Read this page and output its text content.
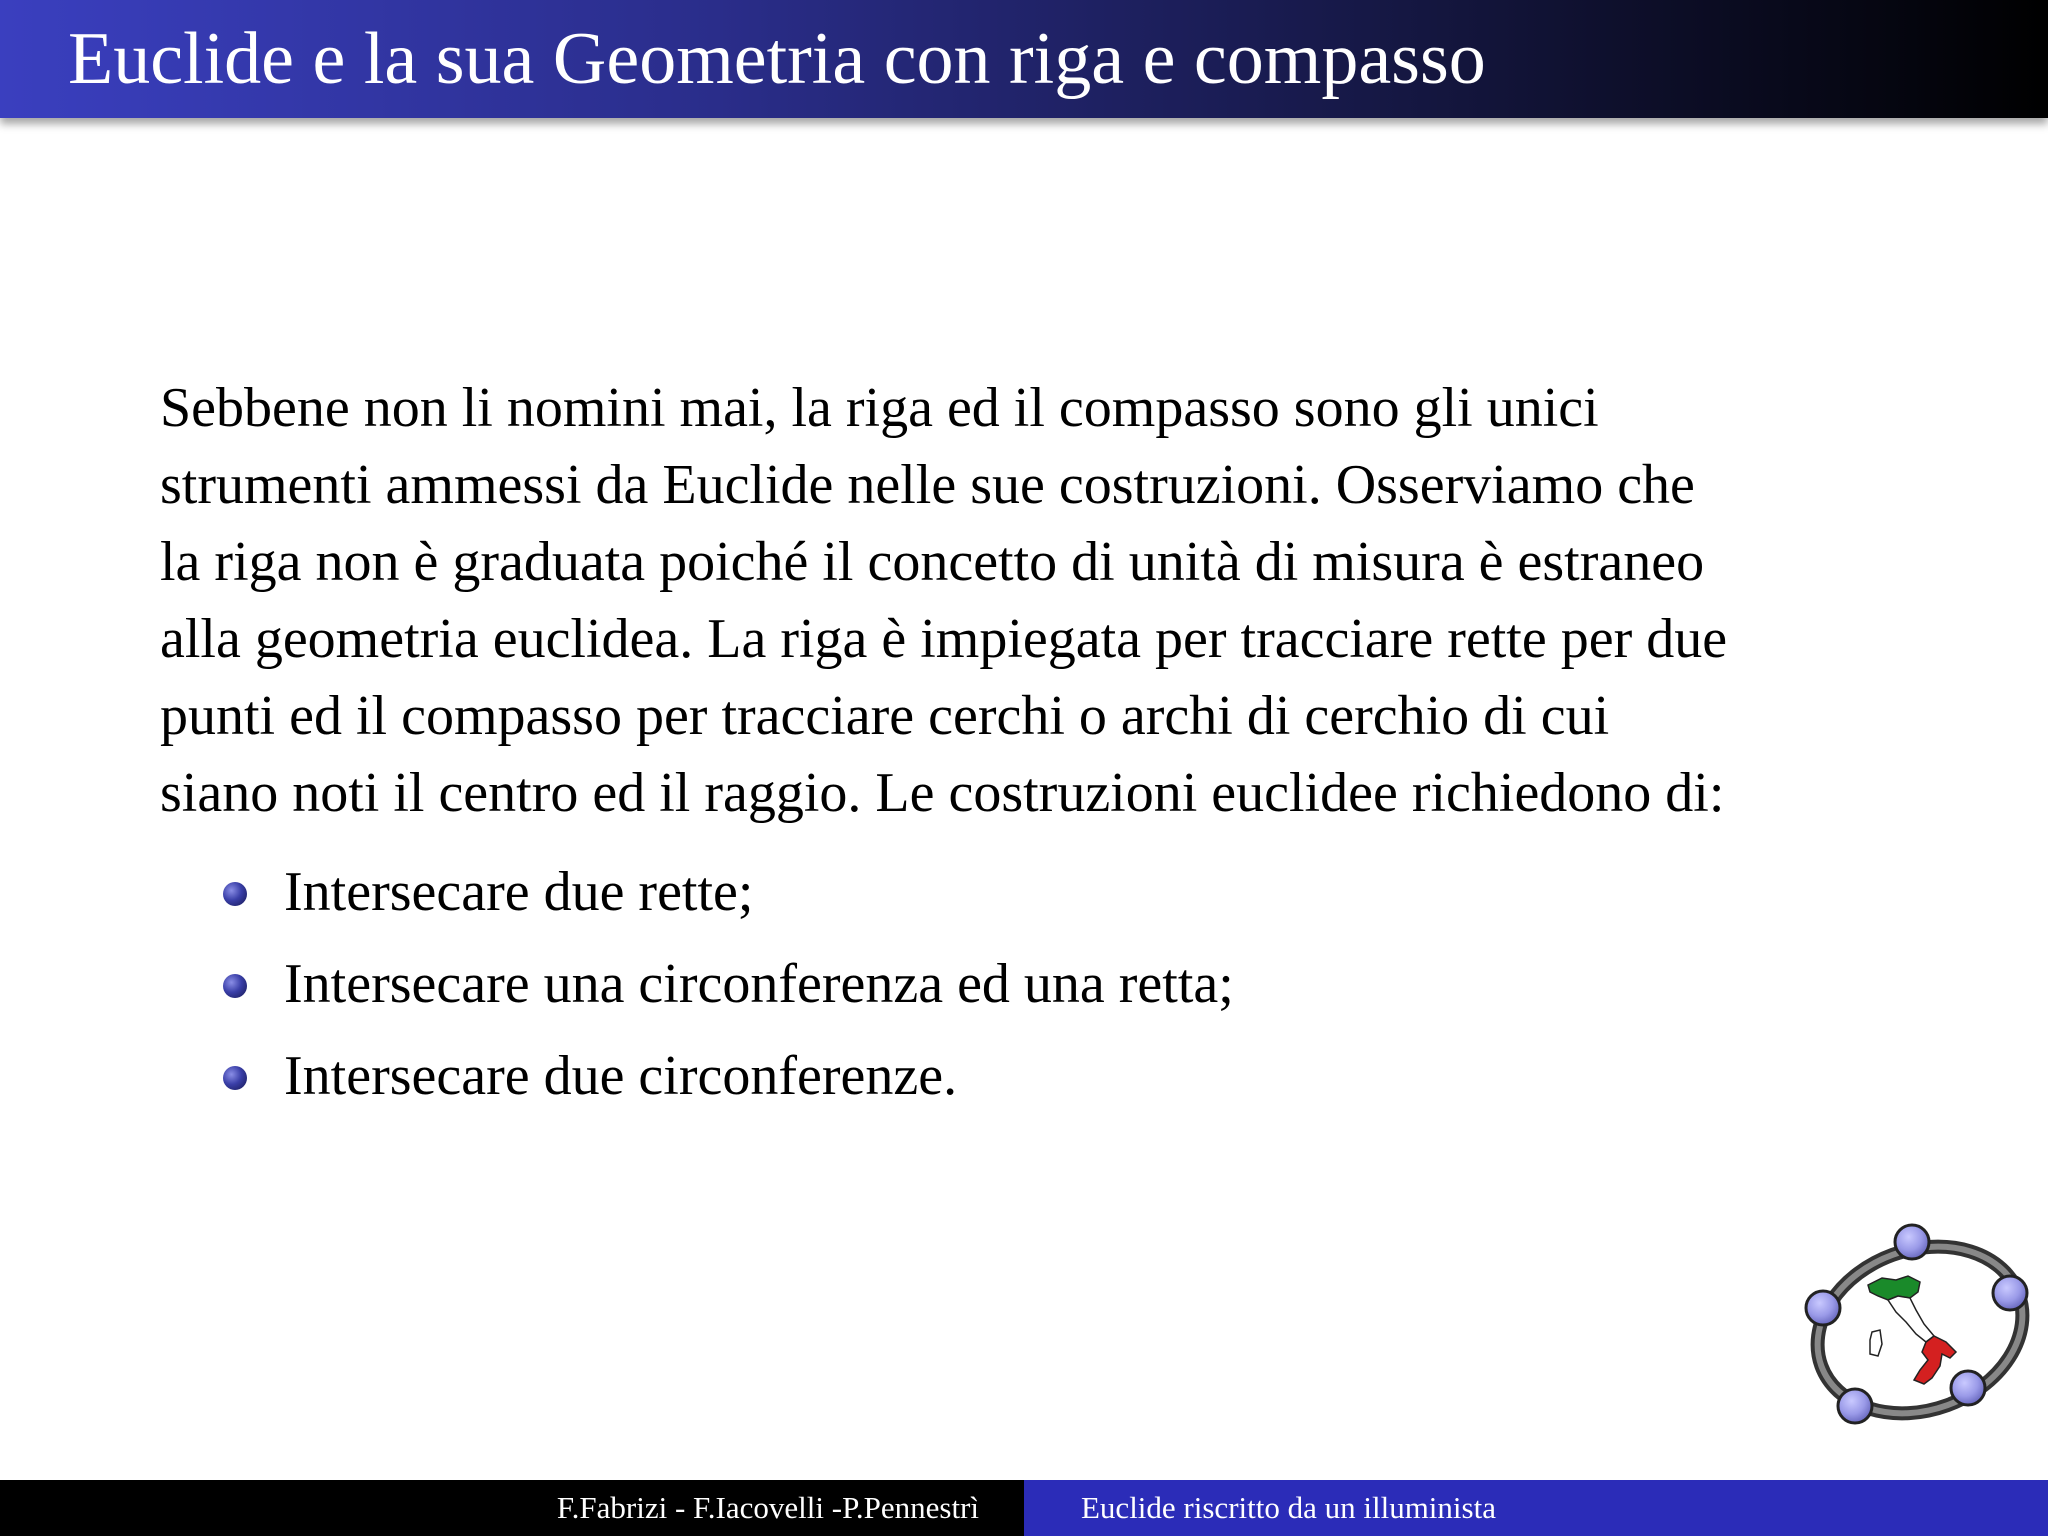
Euclide e la sua Geometria con riga e compasso

Sebbene non li nomini mai, la riga ed il compasso sono gli unici
strumenti ammessi da Euclide nelle sue costruzioni. Osserviamo che
la riga non è graduata poiché il concetto di unità di misura è estraneo
alla geometria euclidea. La riga è impiegata per tracciare rette per due
punti ed il compasso per tracciare cerchi o archi di cerchio di cui
siano noti il centro ed il raggio. Le costruzioni euclidee richiedono di:

Intersecare due rette;
Intersecare una circonferenza ed una retta;
Intersecare due circonferenze.
F.Fabrizi - F.Iacovelli -P.Pennestrì	Euclide riscritto da un illuminista
